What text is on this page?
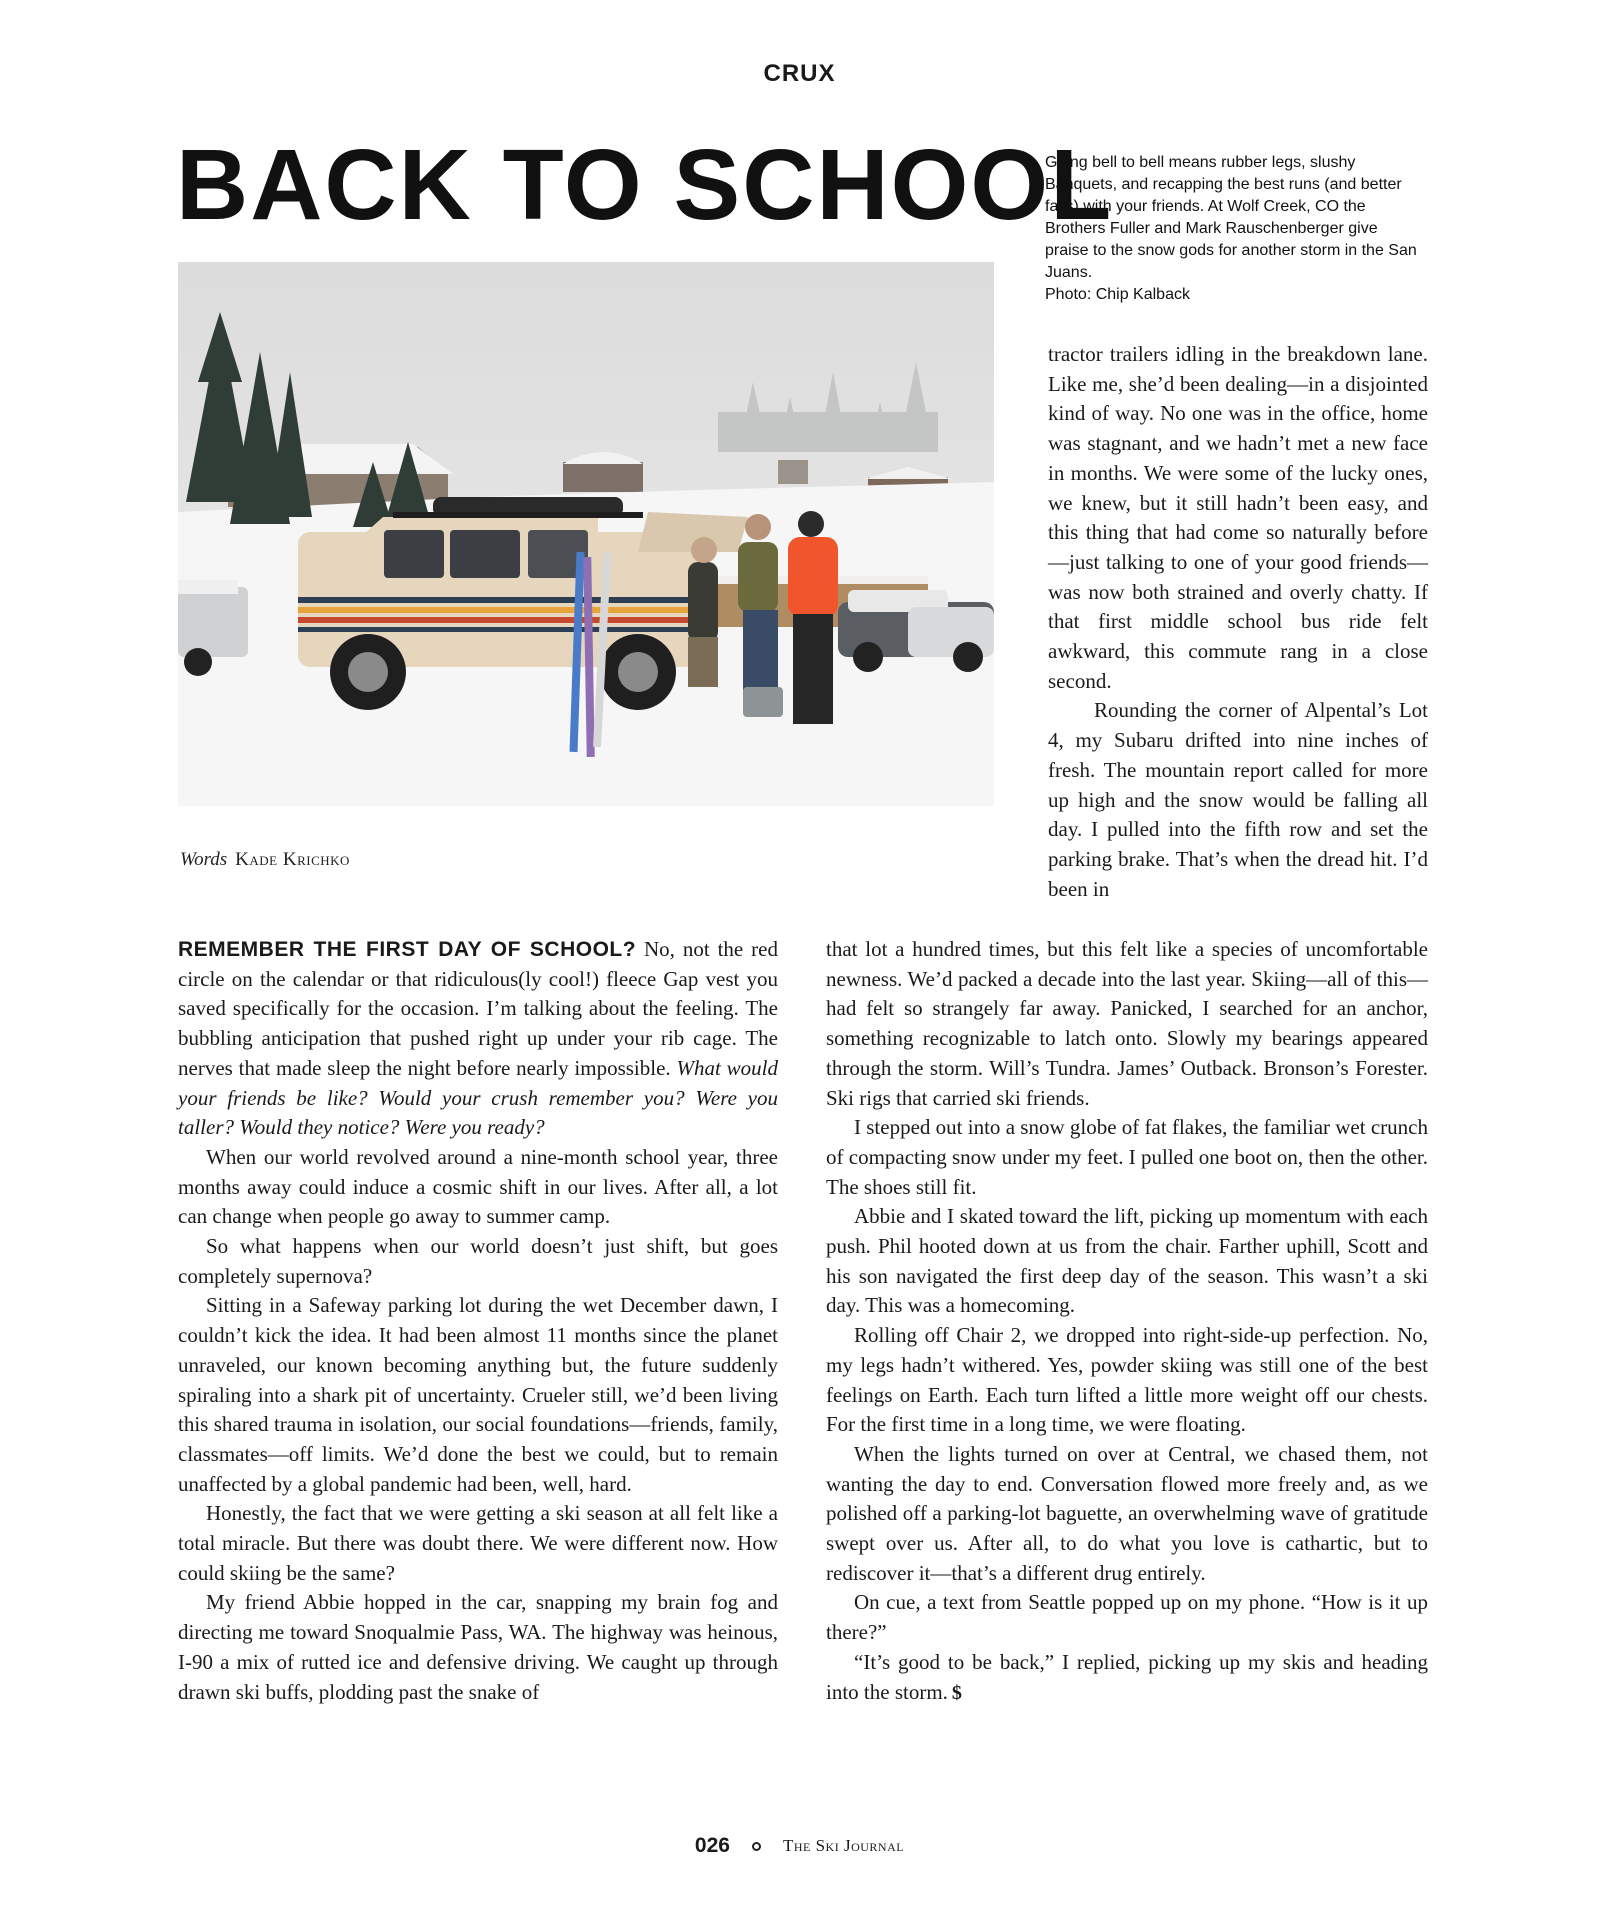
CRUX
BACK TO SCHOOL
Going bell to bell means rubber legs, slushy Banquets, and recapping the best runs (and better falls) with your friends. At Wolf Creek, CO the Brothers Fuller and Mark Rauschenberger give praise to the snow gods for another storm in the San Juans.
Photo: Chip Kalback
Words Kade Krichko

REMEMBER THE FIRST DAY OF SCHOOL? No, not the red circle on the calendar or that ridiculous(ly cool!) fleece Gap vest you saved specifically for the occasion. I’m talking about the feeling. The bubbling anticipation that pushed right up under your rib cage. The nerves that made sleep the night before nearly impossible. What would your friends be like? Would your crush remember you? Were you taller? Would they notice? Were you ready?

When our world revolved around a nine-month school year, three months away could induce a cosmic shift in our lives. After all, a lot can change when people go away to summer camp.

So what happens when our world doesn’t just shift, but goes completely supernova?

Sitting in a Safeway parking lot during the wet December dawn, I couldn’t kick the idea. It had been almost 11 months since the planet unraveled, our known becoming anything but, the future suddenly spiraling into a shark pit of uncertainty. Crueler still, we’d been living this shared trauma in isolation, our social foundations—friends, family, classmates—off limits. We’d done the best we could, but to remain unaffected by a global pandemic had been, well, hard.

Honestly, the fact that we were getting a ski season at all felt like a total miracle. But there was doubt there. We were different now. How could skiing be the same?

My friend Abbie hopped in the car, snapping my brain fog and directing me toward Snoqualmie Pass, WA. The highway was heinous, I-90 a mix of rutted ice and defensive driving. We caught up through drawn ski buffs, plodding past the snake of

tractor trailers idling in the breakdown lane. Like me, she’d been dealing—in a disjointed kind of way. No one was in the office, home was stagnant, and we hadn’t met a new face in months. We were some of the lucky ones, we knew, but it still hadn’t been easy, and this thing that had come so naturally before—just talking to one of your good friends—was now both strained and overly chatty. If that first middle school bus ride felt awkward, this commute rang in a close second.

Rounding the corner of Alpental’s Lot 4, my Subaru drifted into nine inches of fresh. The mountain report called for more up high and the snow would be falling all day. I pulled into the fifth row and set the parking brake. That’s when the dread hit. I’d been in

that lot a hundred times, but this felt like a species of uncomfortable newness. We’d packed a decade into the last year. Skiing—all of this—had felt so strangely far away. Panicked, I searched for an anchor, something recognizable to latch onto. Slowly my bearings appeared through the storm. Will’s Tundra. James’ Outback. Bronson’s Forester. Ski rigs that carried ski friends.

I stepped out into a snow globe of fat flakes, the familiar wet crunch of compacting snow under my feet. I pulled one boot on, then the other. The shoes still fit.

Abbie and I skated toward the lift, picking up momentum with each push. Phil hooted down at us from the chair. Farther uphill, Scott and his son navigated the first deep day of the season. This wasn’t a ski day. This was a homecoming.

Rolling off Chair 2, we dropped into right-side-up perfection. No, my legs hadn’t withered. Yes, powder skiing was still one of the best feelings on Earth. Each turn lifted a little more weight off our chests. For the first time in a long time, we were floating.

When the lights turned on over at Central, we chased them, not wanting the day to end. Conversation flowed more freely and, as we polished off a parking-lot baguette, an overwhelming wave of gratitude swept over us. After all, to do what you love is cathartic, but to rediscover it—that’s a different drug entirely.

On cue, a text from Seattle popped up on my phone. “How is it up there?”

“It’s good to be back,” I replied, picking up my skis and heading into the storm. $

026	The Ski Journal
